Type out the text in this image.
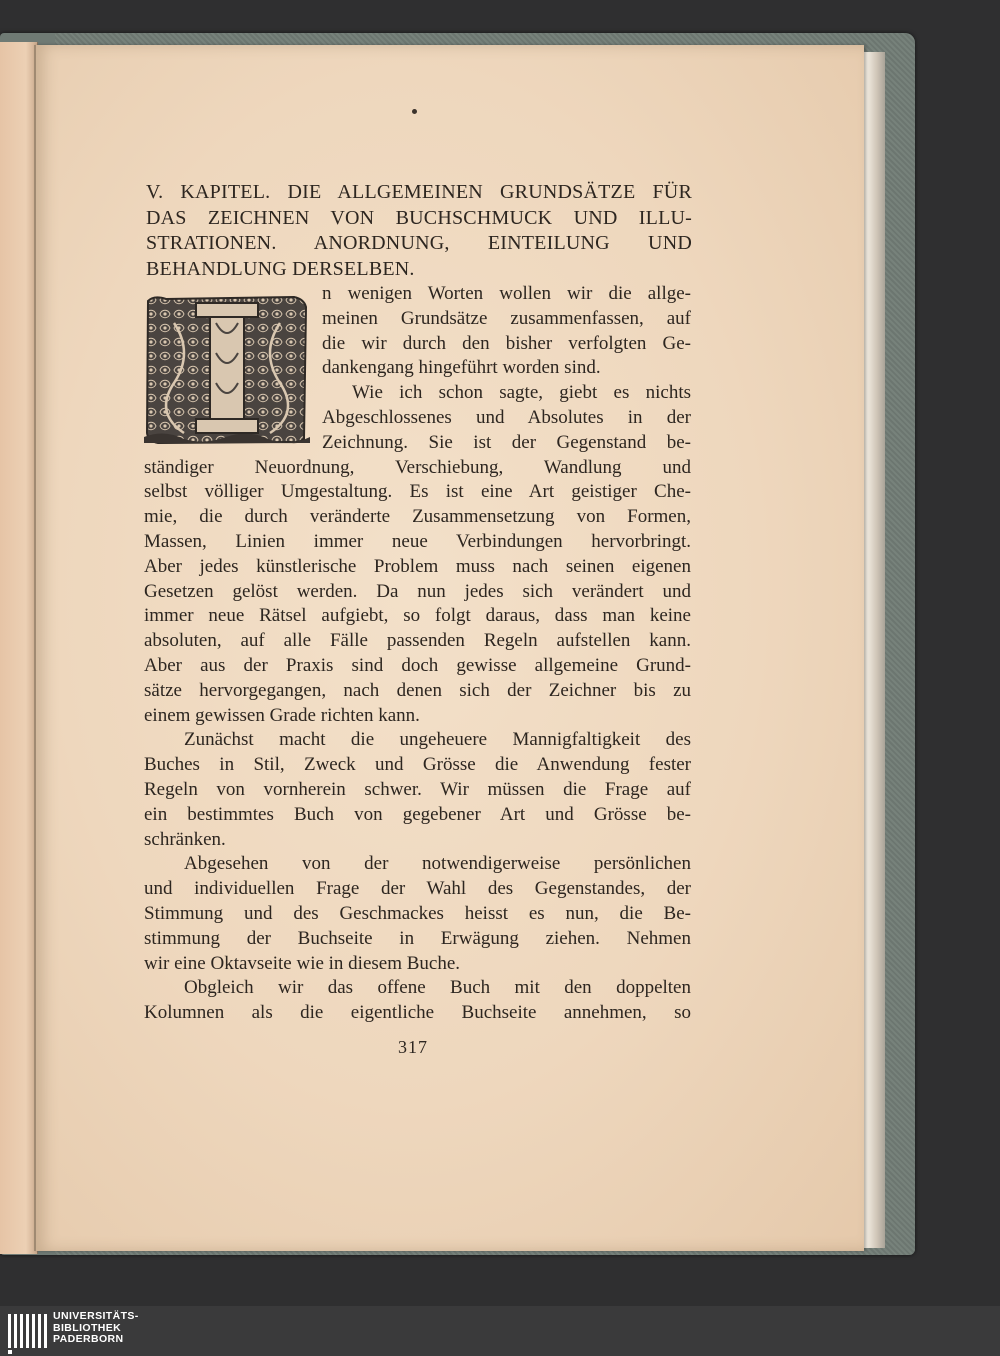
V. KAPITEL. DIE ALLGEMEINEN GRUNDSÄTZE FÜR
DAS ZEICHNEN VON BUCHSCHMUCK UND ILLU-
STRATIONEN. ANORDNUNG, EINTEILUNG UND
BEHANDLUNG DERSELBEN.
n wenigen Worten wollen wir die allge-
meinen Grundsätze zusammenfassen, auf
die wir durch den bisher verfolgten Ge-
dankengang hingeführt worden sind.
Wie ich schon sagte, giebt es nichts
Abgeschlossenes und Absolutes in der
Zeichnung. Sie ist der Gegenstand be-
ständiger Neuordnung, Verschiebung, Wandlung und
selbst völliger Umgestaltung. Es ist eine Art geistiger Che-
mie, die durch veränderte Zusammensetzung von Formen,
Massen, Linien immer neue Verbindungen hervorbringt.
Aber jedes künstlerische Problem muss nach seinen eigenen
Gesetzen gelöst werden. Da nun jedes sich verändert und
immer neue Rätsel aufgiebt, so folgt daraus, dass man keine
absoluten, auf alle Fälle passenden Regeln aufstellen kann.
Aber aus der Praxis sind doch gewisse allgemeine Grund-
sätze hervorgegangen, nach denen sich der Zeichner bis zu
einem gewissen Grade richten kann.
Zunächst macht die ungeheuere Mannigfaltigkeit des
Buches in Stil, Zweck und Grösse die Anwendung fester
Regeln von vornherein schwer. Wir müssen die Frage auf
ein bestimmtes Buch von gegebener Art und Grösse be-
schränken.
Abgesehen von der notwendigerweise persönlichen
und individuellen Frage der Wahl des Gegenstandes, der
Stimmung und des Geschmackes heisst es nun, die Be-
stimmung der Buchseite in Erwägung ziehen. Nehmen
wir eine Oktavseite wie in diesem Buche.
Obgleich wir das offene Buch mit den doppelten
Kolumnen als die eigentliche Buchseite annehmen, so
317
UNIVERSITÄTS-
BIBLIOTHEK
PADERBORN
